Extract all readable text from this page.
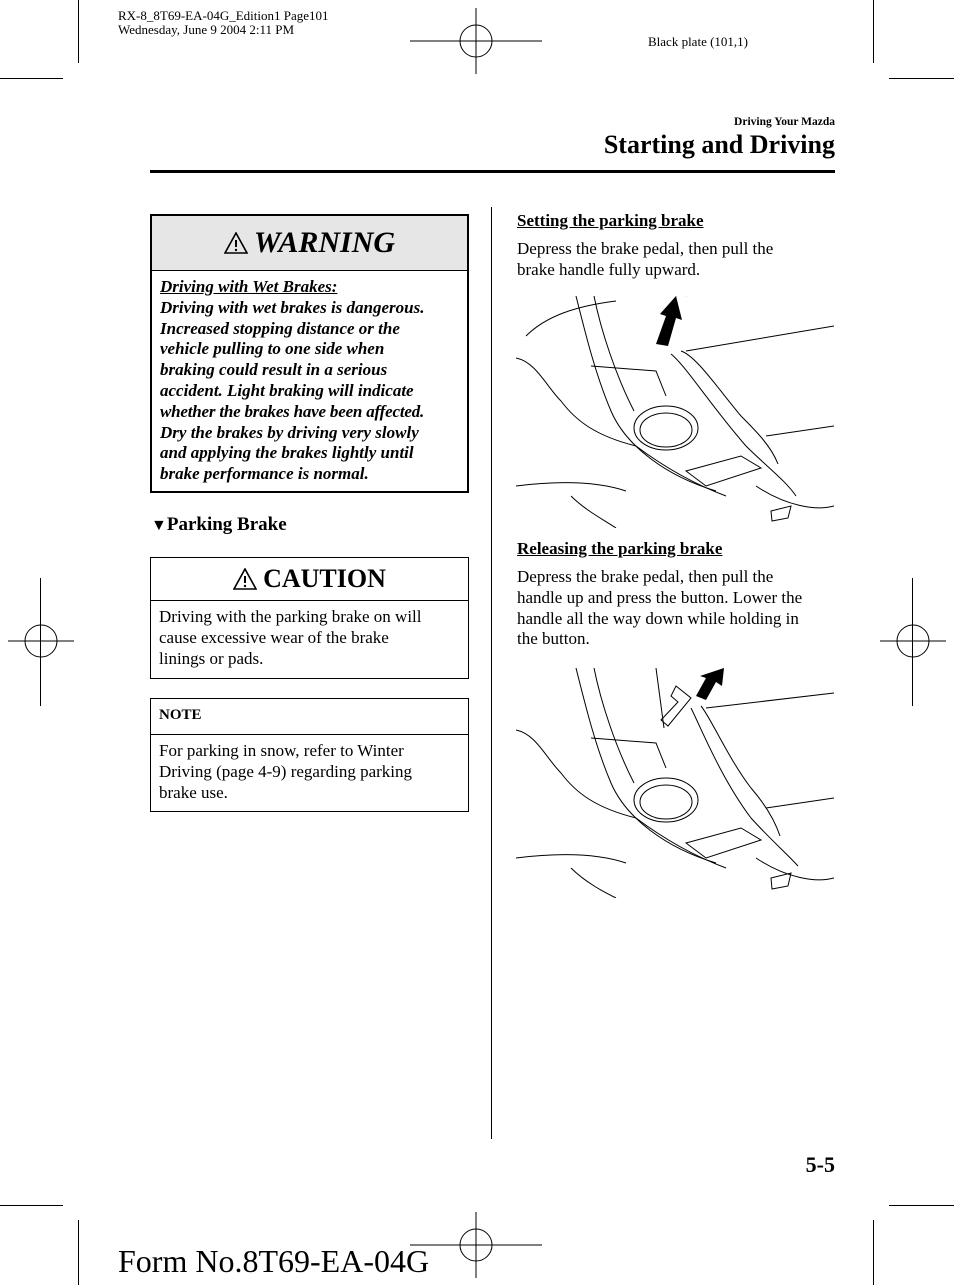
RX-8_8T69-EA-04G_Edition1 Page101
Wednesday, June 9 2004 2:11 PM
Black plate (101,1)
Driving Your Mazda
Starting and Driving
WARNING
Driving with Wet Brakes:
Driving with wet brakes is dangerous.
Increased stopping distance or the
vehicle pulling to one side when
braking could result in a serious
accident. Light braking will indicate
whether the brakes have been affected.
Dry the brakes by driving very slowly
and applying the brakes lightly until
brake performance is normal.
▼Parking Brake
CAUTION
Driving with the parking brake on will
cause excessive wear of the brake
linings or pads.
NOTE
For parking in snow, refer to Winter
Driving (page 4-9) regarding parking
brake use.
Setting the parking brake
Depress the brake pedal, then pull the
brake handle fully upward.
Releasing the parking brake
Depress the brake pedal, then pull the
handle up and press the button. Lower the
handle all the way down while holding in
the button.
5-5
Form No.8T69-EA-04G
